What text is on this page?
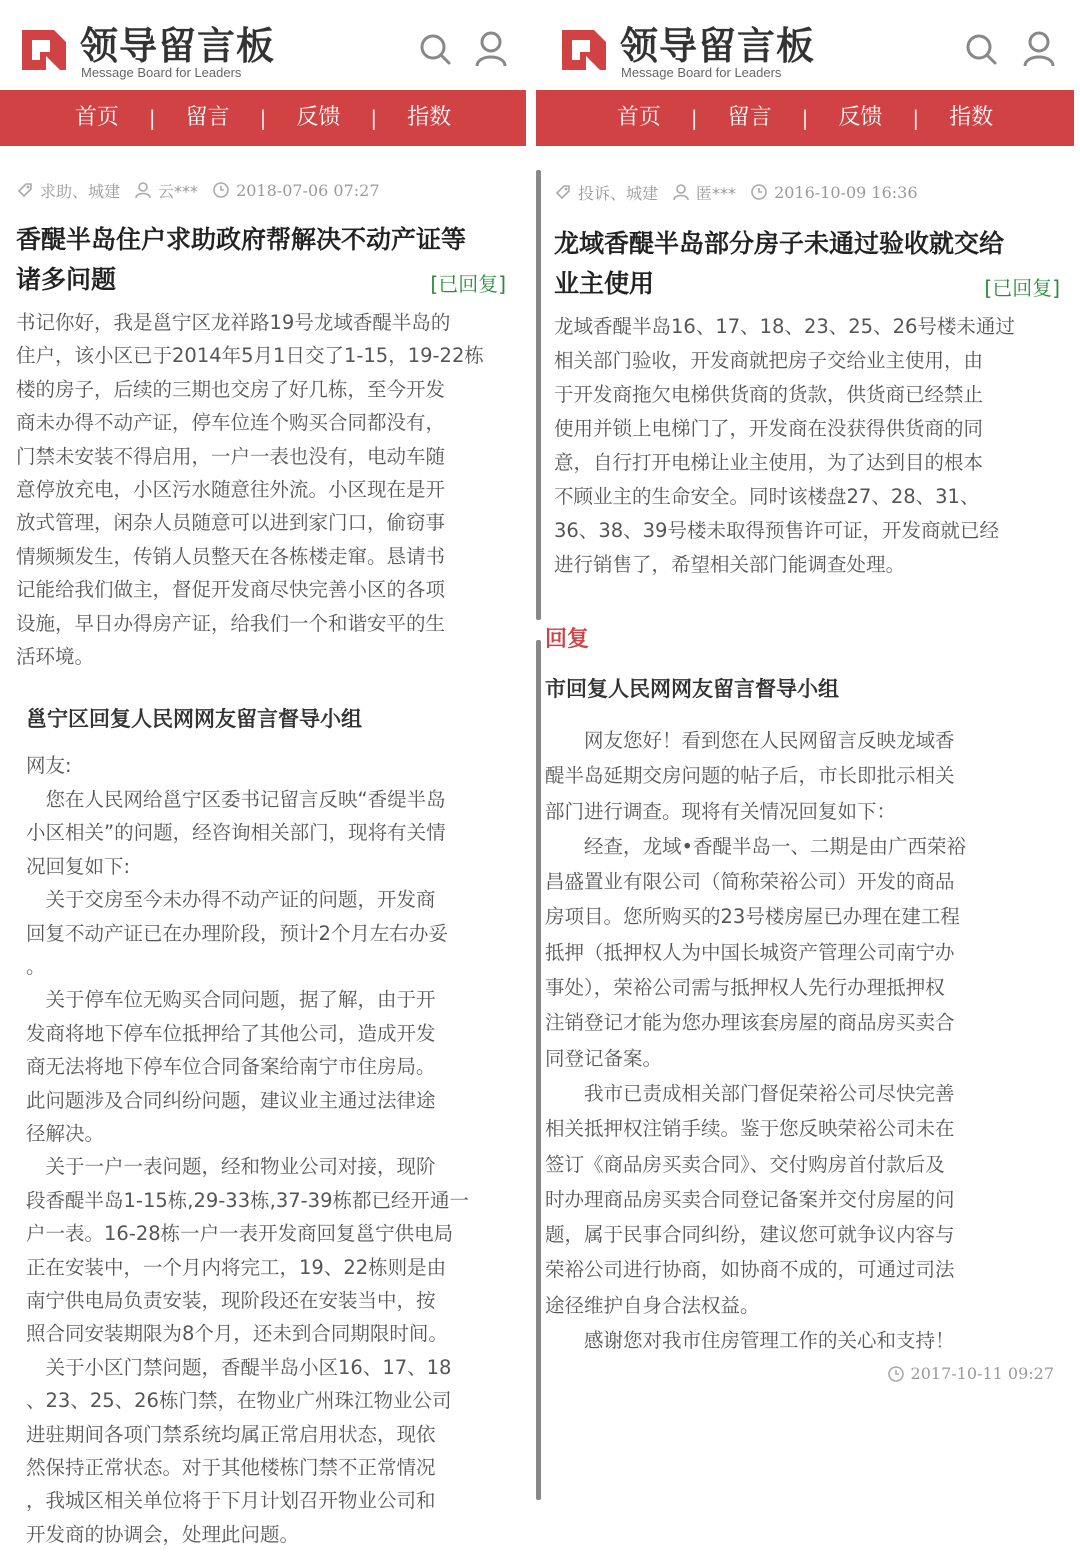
领导留言板
Message Board for Leaders
首页	|	留言	|	反馈	|	指数
求助 、 城建 云*** 2018-07-06 07:27
香醍半岛住户求助政府帮解决不动产证等
诸多问题	[已回复]
书记你好，我是邕宁区龙祥路19号龙域香醍半岛的
住户，该小区已于2014年5月1日交了1-15，19-22栋
楼的房子，后续的三期也交房了好几栋，至今开发
商未办得不动产证，停车位连个购买合同都没有，
门禁未安装不得启用，一户一表也没有，电动车随
意停放充电，小区污水随意往外流。小区现在是开
放式管理，闲杂人员随意可以进到家门口，偷窃事
情频频发生，传销人员整天在各栋楼走窜。恳请书
记能给我们做主，督促开发商尽快完善小区的各项
设施，早日办得房产证，给我们一个和谐安平的生
活环境。
邕宁区回复人民网网友留言督导小组
网友:
　您在人民网给邕宁区委书记留言反映“香缇半岛
小区相关”的问题，经咨询相关部门，现将有关情
况回复如下:
　关于交房至今未办得不动产证的问题，开发商
回复不动产证已在办理阶段，预计2个月左右办妥
。
　关于停车位无购买合同问题，据了解，由于开
发商将地下停车位抵押给了其他公司，造成开发
商无法将地下停车位合同备案给南宁市住房局。
此问题涉及合同纠纷问题，建议业主通过法律途
径解决。
　关于一户一表问题，经和物业公司对接，现阶
段香醍半岛1-15栋,29-33栋,37-39栋都已经开通一
户一表。16-28栋一户一表开发商回复邕宁供电局
正在安装中，一个月内将完工，19、22栋则是由
南宁供电局负责安装，现阶段还在安装当中，按
照合同安装期限为8个月，还未到合同期限时间。
　关于小区门禁问题，香醍半岛小区16、17、18
、23、25、26栋门禁，在物业广州珠江物业公司
进驻期间各项门禁系统均属正常启用状态，现依
然保持正常状态。对于其他楼栋门禁不正常情况
，我城区相关单位将于下月计划召开物业公司和
开发商的协调会，处理此问题。
领导留言板
Message Board for Leaders
首页	|	留言	|	反馈	|	指数
投诉 、 城建 匿*** 2016-10-09 16:36
龙域香醍半岛部分房子未通过验收就交给
业主使用	[已回复]
龙域香醍半岛16、17、18、23、25、26号楼未通过
相关部门验收，开发商就把房子交给业主使用，由
于开发商拖欠电梯供货商的货款，供货商已经禁止
使用并锁上电梯门了，开发商在没获得供货商的同
意，自行打开电梯让业主使用，为了达到目的根本
不顾业主的生命安全。同时该楼盘27、28、31、
36、38、39号楼未取得预售许可证，开发商就已经
进行销售了，希望相关部门能调查处理。
回复
市回复人民网网友留言督导小组
　　网友您好！看到您在人民网留言反映龙域香
醍半岛延期交房问题的帖子后，市长即批示相关
部门进行调查。现将有关情况回复如下：
　　经查，龙域•香醍半岛一、二期是由广西荣裕
昌盛置业有限公司（简称荣裕公司）开发的商品
房项目。您所购买的23号楼房屋已办理在建工程
抵押（抵押权人为中国长城资产管理公司南宁办
事处），荣裕公司需与抵押权人先行办理抵押权
注销登记才能为您办理该套房屋的商品房买卖合
同登记备案。
　　我市已责成相关部门督促荣裕公司尽快完善
相关抵押权注销手续。鉴于您反映荣裕公司未在
签订《商品房买卖合同》、交付购房首付款后及
时办理商品房买卖合同登记备案并交付房屋的问
题，属于民事合同纠纷，建议您可就争议内容与
荣裕公司进行协商，如协商不成的，可通过司法
途径维护自身合法权益。
　　感谢您对我市住房管理工作的关心和支持！
2017-10-11 09:27
